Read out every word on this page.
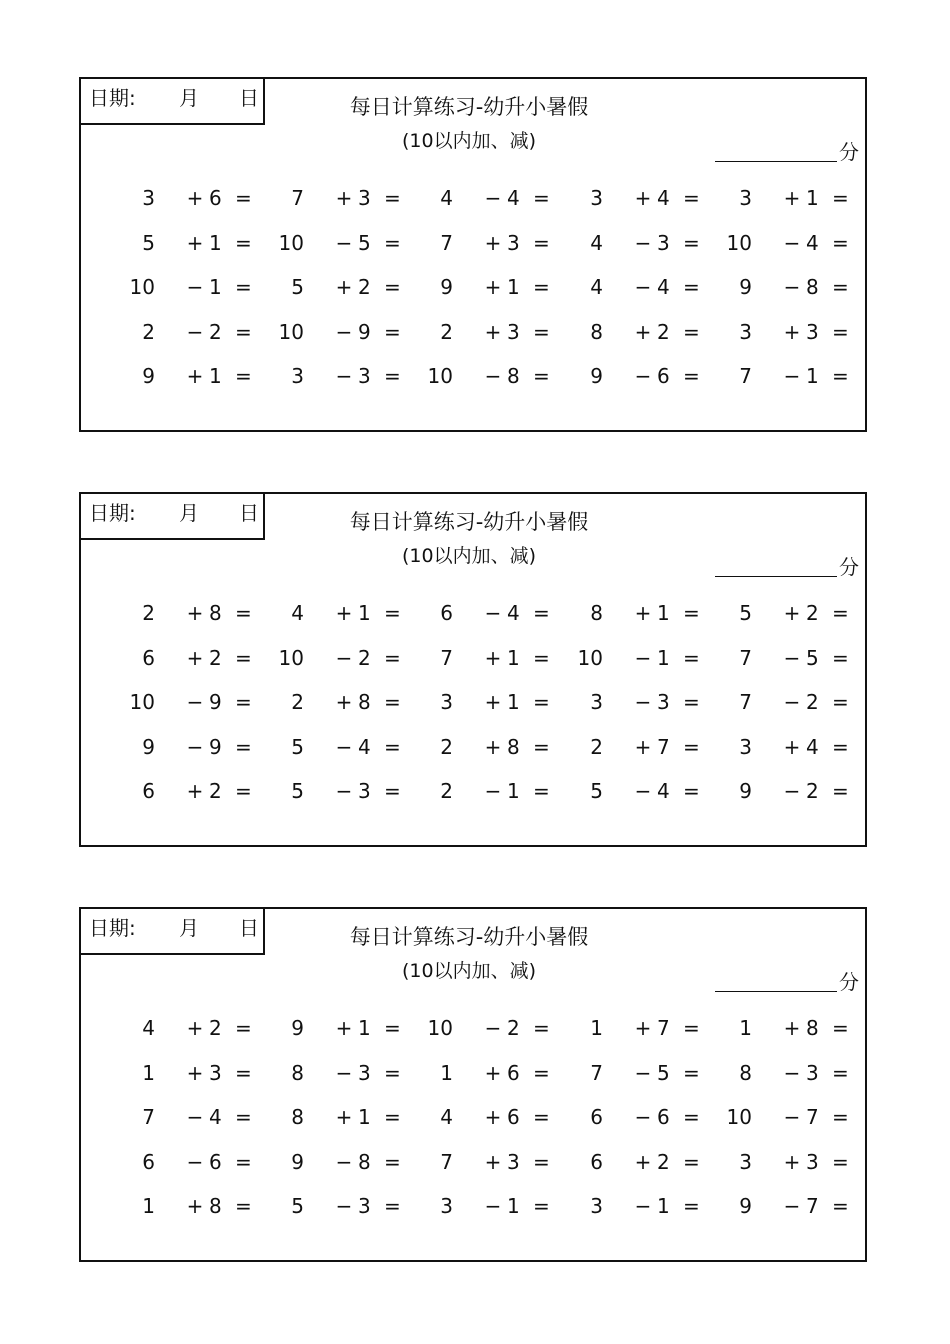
日期: 月 日	每日计算练习-幼升小暑假
(10以内加、减)	分
3 + 6 = 7 + 3 = 4 − 4 = 3 + 4 = 3 + 1 =
5 + 1 = 10 − 5 = 7 + 3 = 4 − 3 = 10 − 4 =
10 − 1 = 5 + 2 = 9 + 1 = 4 − 4 = 9 − 8 =
2 − 2 = 10 − 9 = 2 + 3 = 8 + 2 = 3 + 3 =
9 + 1 = 3 − 3 = 10 − 8 = 9 − 6 = 7 − 1 =
日期: 月 日	每日计算练习-幼升小暑假
(10以内加、减)	分
2 + 8 = 4 + 1 = 6 − 4 = 8 + 1 = 5 + 2 =
6 + 2 = 10 − 2 = 7 + 1 = 10 − 1 = 7 − 5 =
10 − 9 = 2 + 8 = 3 + 1 = 3 − 3 = 7 − 2 =
9 − 9 = 5 − 4 = 2 + 8 = 2 + 7 = 3 + 4 =
6 + 2 = 5 − 3 = 2 − 1 = 5 − 4 = 9 − 2 =
日期: 月 日	每日计算练习-幼升小暑假
(10以内加、减)	分
4 + 2 = 9 + 1 = 10 − 2 = 1 + 7 = 1 + 8 =
1 + 3 = 8 − 3 = 1 + 6 = 7 − 5 = 8 − 3 =
7 − 4 = 8 + 1 = 4 + 6 = 6 − 6 = 10 − 7 =
6 − 6 = 9 − 8 = 7 + 3 = 6 + 2 = 3 + 3 =
1 + 8 = 5 − 3 = 3 − 1 = 3 − 1 = 9 − 7 =
